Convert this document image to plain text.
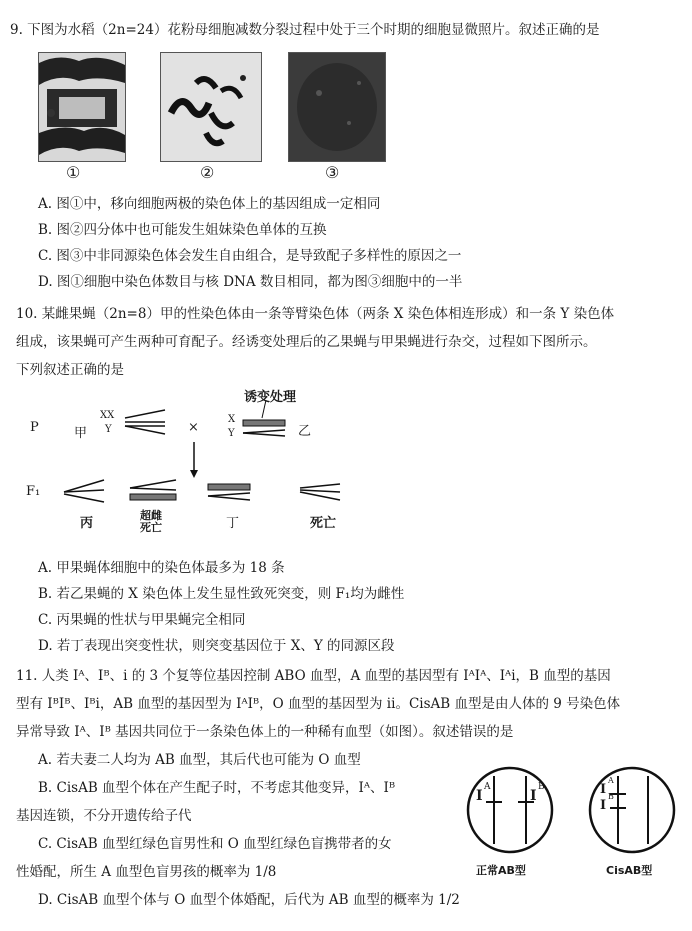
9. 下图为水稻（2n=24）花粉母细胞减数分裂过程中处于三个时期的细胞显微照片。叙述正确的是
①	②	③
A. 图①中，移向细胞两极的染色体上的基因组成一定相同
B. 图②四分体中也可能发生姐妹染色单体的互换
C. 图③中非同源染色体会发生自由组合，是导致配子多样性的原因之一
D. 图①细胞中染色体数目与核 DNA 数目相同，都为图③细胞中的一半
10. 某雌果蝇（2n=8）甲的性染色体由一条等臂染色体（两条 X 染色体相连形成）和一条 Y 染色体
组成，该果蝇可产生两种可育配子。经诱变处理后的乙果蝇与甲果蝇进行杂交，过程如下图所示。
下列叙述正确的是
诱变处理
P	甲
XX
Y	×
X
Y	乙
F₁
丙
超雌
死亡	丁	死亡
A. 甲果蝇体细胞中的染色体最多为 18 条
B. 若乙果蝇的 X 染色体上发生显性致死突变，则 F₁均为雌性
C. 丙果蝇的性状与甲果蝇完全相同
D. 若丁表现出突变性状，则突变基因位于 X、Y 的同源区段
11. 人类 Iᴬ、Iᴮ、i 的 3 个复等位基因控制 ABO 血型，A 血型的基因型有 IᴬIᴬ、Iᴬi，B 血型的基因
型有 IᴮIᴮ、Iᴮi，AB 血型的基因型为 IᴬIᴮ，O 血型的基因型为 ii。CisAB 血型是由人体的 9 号染色体
异常导致 Iᴬ、Iᴮ 基因共同位于一条染色体上的一种稀有血型（如图）。叙述错误的是
A. 若夫妻二人均为 AB 血型，其后代也可能为 O 血型
B. CisAB 血型个体在产生配子时，不考虑其他变异，Iᴬ、Iᴮ
基因连锁，不分开遗传给子代
C. CisAB 血型红绿色盲男性和 O 血型红绿色盲携带者的女
性婚配，所生 A 血型色盲男孩的概率为 1/8
D. CisAB 血型个体与 O 血型个体婚配，后代为 AB 血型的概率为 1/2
I
A
I
B	I
A
I
B
正常AB型	CisAB型
